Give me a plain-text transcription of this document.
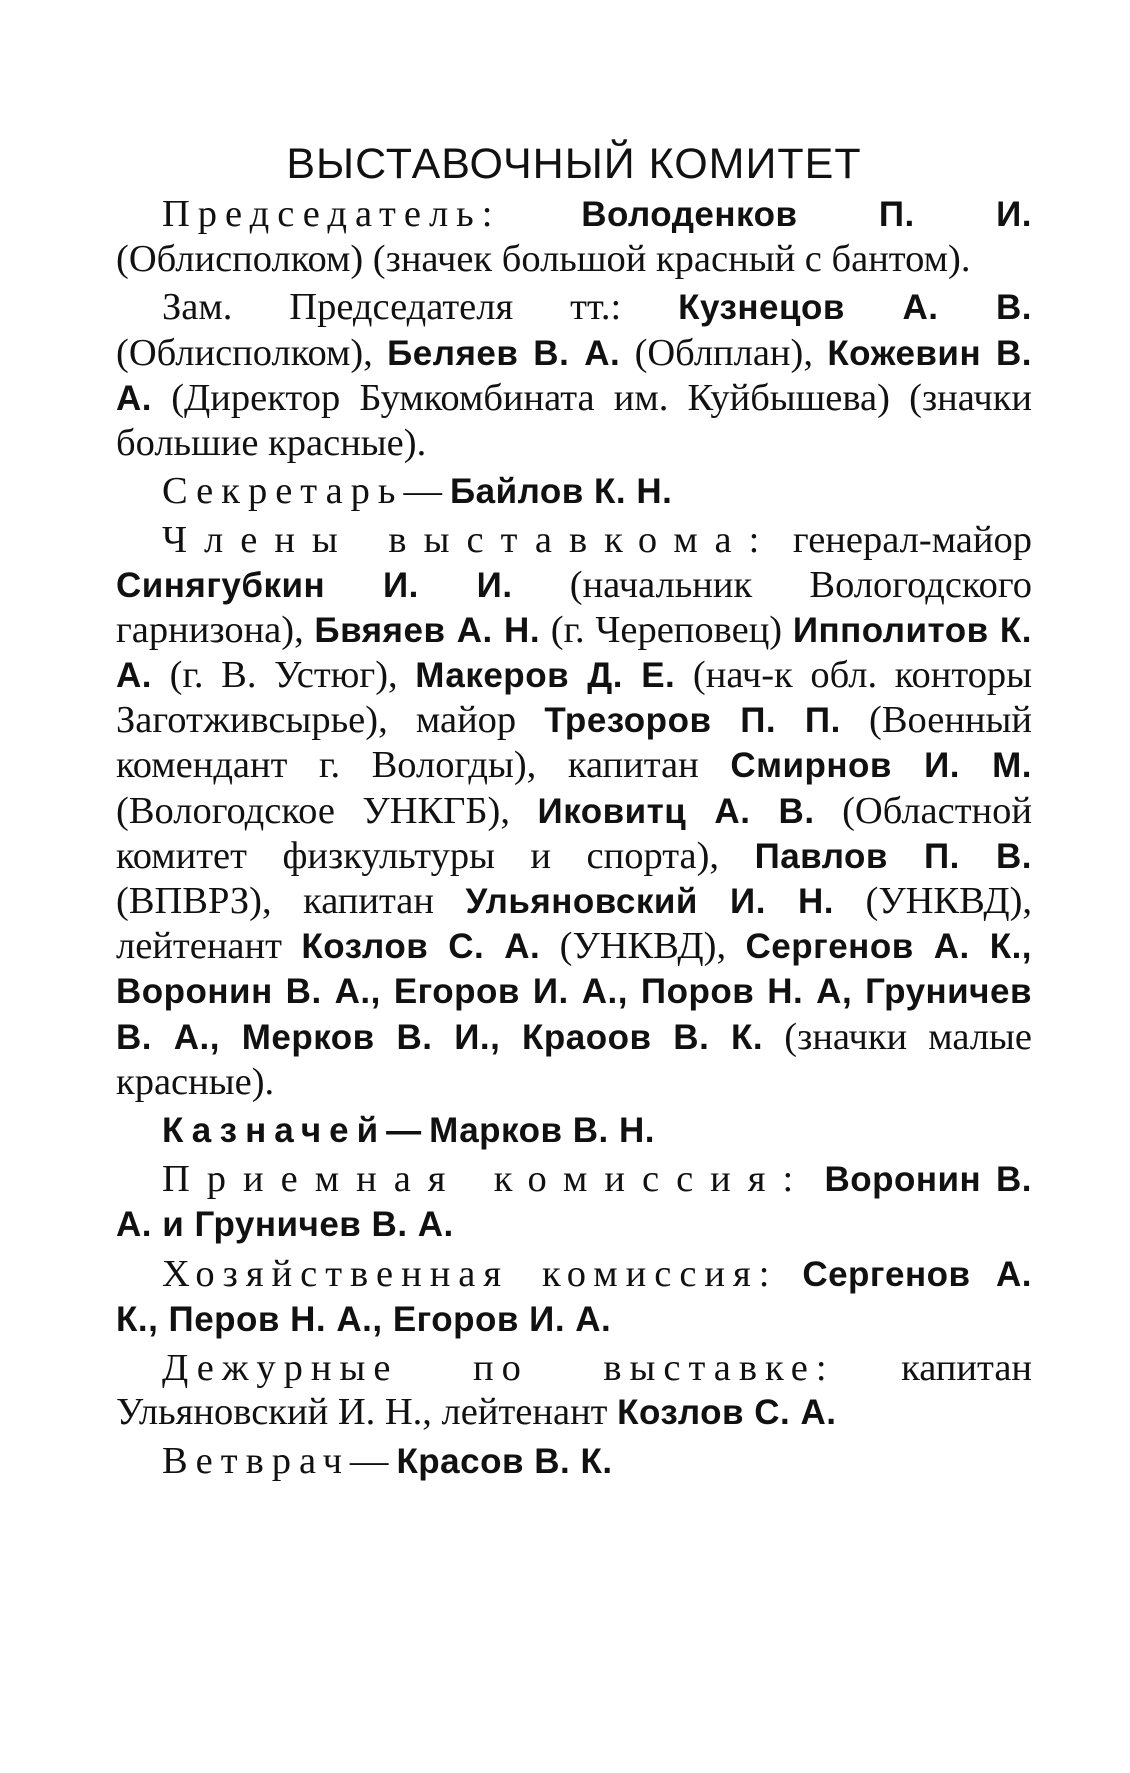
ВЫСТАВОЧНЫЙ КОМИТЕТ

Председатель: Володенков П. И. (Облисполком) (значек большой красный с бантом).

Зам. Председателя тт.: Кузнецов А. В. (Облисполком), Беляев В. А. (Облплан), Кожевин В. А. (Директор Бумкомбината им. Куйбышева) (значки большие красные).

Секретарь—Байлов К. Н.

Члены выставкома: генерал-майор Синягубкин И. И. (начальник Вологодского гарнизона), Бвяяев А. Н. (г. Череповец) Ипполитов К. А. (г. В. Устюг), Макеров Д. Е. (нач-к обл. конторы Заготживсырье), майор Трезоров П. П. (Военный комендант г. Вологды), капитан Смирнов И. М. (Вологодское УНКГБ), Иковитц А. В. (Областной комитет физкультуры и спорта), Павлов П. В. (ВПВРЗ), капитан Ульяновский И. Н. (УНКВД), лейтенант Козлов С. А. (УНКВД), Сергенов А. К., Воронин В. А., Егоров И. А., Поров Н. А, Груничев В. А., Мерков В. И., Краоов В. К. (значки малые красные).

Казначей—Марков В. Н.

Приемная комиссия: Воронин В. А. и Груничев В. А.

Хозяйственная комиссия: Сергенов А. К., Перов Н. А., Егоров И. А.

Дежурные по выставке: капитан Ульяновский И. Н., лейтенант Козлов С. А.

Ветврач—Красов В. К.
